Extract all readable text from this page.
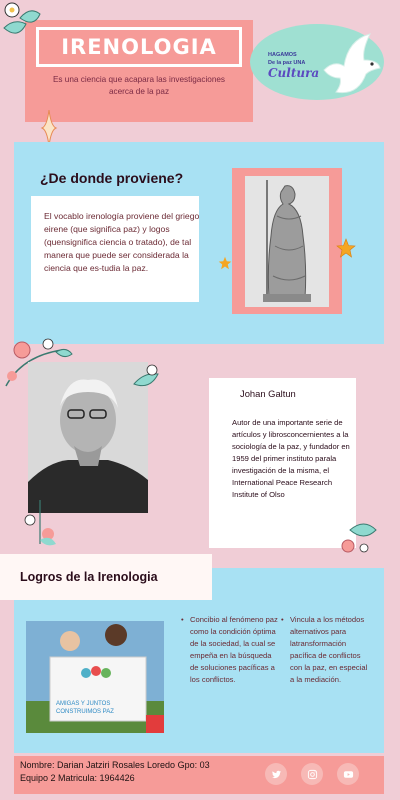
IRENOLOGIA
Es una ciencia que acapara las investigaciones acerca de la paz
HAGAMOS
De la paz UNA
Cultura
¿De donde proviene?
El vocablo irenología proviene del griego eirene (que significa paz) y logos (quensignifica ciencia o tratado), de tal manera que puede ser considerada la ciencia que es-tudia la paz.
Johan Galtun
Autor de una importante serie de artículos y librosconcernientes a la sociología de la paz, y fundador en 1959 del primer instituto parala investigación de la misma, el International Peace Research Institute of Olso
Logros de la Irenologia
AMIGAS Y JUNTOS
CONSTRUIMOS PAZ
• Concibio al fenómeno paz como la condición óptima de la sociedad, la cual se empeña en la búsqueda de soluciones pacíficas a los conflictos.
• Vincula a los métodos alternativos para latransformación pacífica de conflictos con la paz, en especial a la mediación.
Nombre: Darian Jatziri Rosales Loredo Gpo: 03
Equipo 2 Matricula: 1964426
